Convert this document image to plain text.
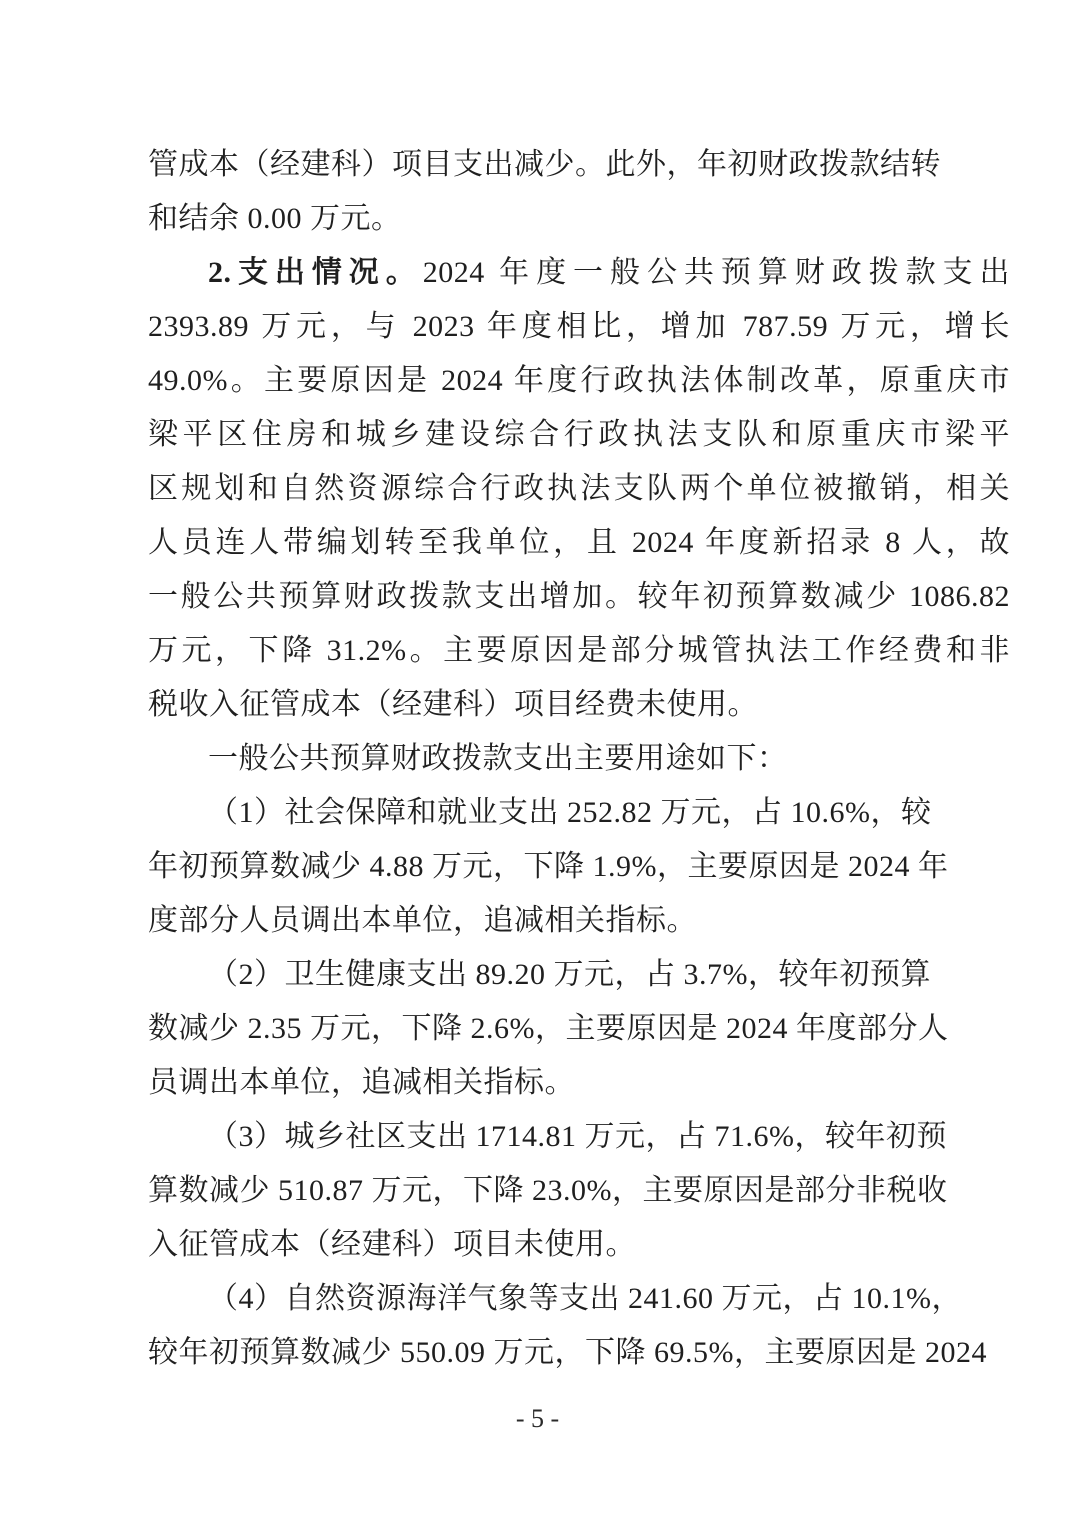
管成本（经建科）项目支出减少。此外，年初财政拨款结转
和结余 0.00 万元。
2.支出情况。2024 年度一般公共预算财政拨款支出
2393.89 万元，与 2023 年度相比，增加 787.59 万元，增长
49.0%。主要原因是 2024 年度行政执法体制改革，原重庆市
梁平区住房和城乡建设综合行政执法支队和原重庆市梁平
区规划和自然资源综合行政执法支队两个单位被撤销，相关
人员连人带编划转至我单位，且 2024 年度新招录 8 人，故
一般公共预算财政拨款支出增加。较年初预算数减少 1086.82
万元，下降 31.2%。主要原因是部分城管执法工作经费和非
税收入征管成本（经建科）项目经费未使用。
一般公共预算财政拨款支出主要用途如下：
（1）社会保障和就业支出 252.82 万元，占 10.6%，较
年初预算数减少 4.88 万元，下降 1.9%，主要原因是 2024 年
度部分人员调出本单位，追减相关指标。
（2）卫生健康支出 89.20 万元，占 3.7%，较年初预算
数减少 2.35 万元，下降 2.6%，主要原因是 2024 年度部分人
员调出本单位，追减相关指标。
（3）城乡社区支出 1714.81 万元，占 71.6%，较年初预
算数减少 510.87 万元，下降 23.0%，主要原因是部分非税收
入征管成本（经建科）项目未使用。
（4）自然资源海洋气象等支出 241.60 万元，占 10.1%，
较年初预算数减少 550.09 万元，下降 69.5%，主要原因是 2024
- 5 -
